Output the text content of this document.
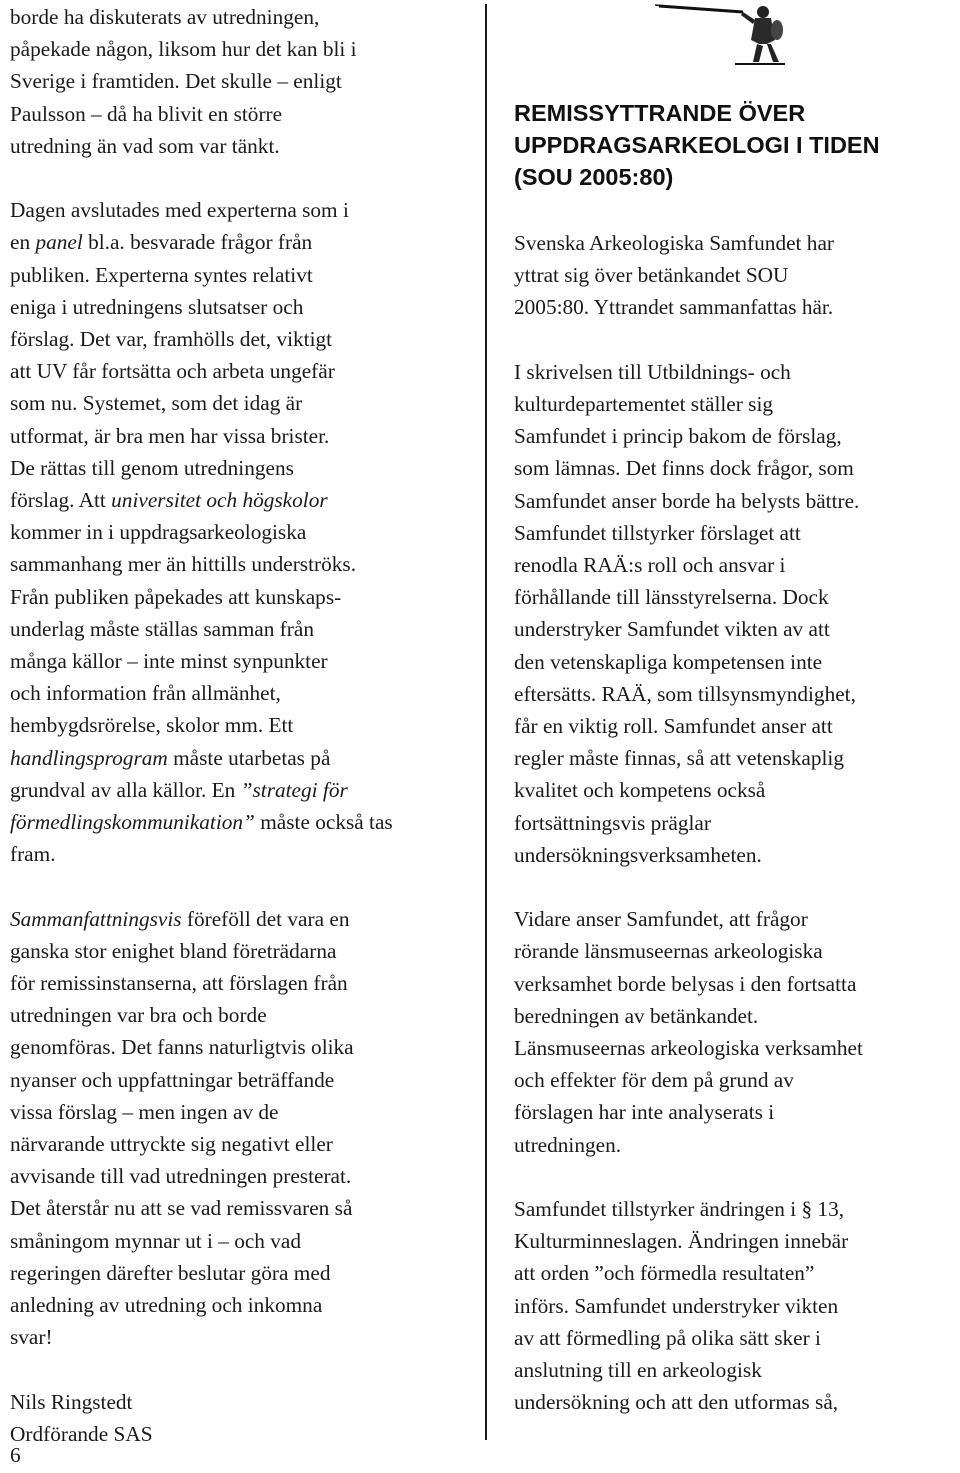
borde ha diskuterats av utredningen,

påpekade någon, liksom hur det kan bli i

Sverige i framtiden. Det skulle – enligt

Paulsson – då ha blivit en större

utredning än vad som var tänkt.

Dagen avslutades med experterna som i

en panel bl.a. besvarade frågor från

publiken. Experterna syntes relativt

eniga i utredningens slutsatser och

förslag. Det var, framhölls det, viktigt

att UV får fortsätta och arbeta ungefär

som nu. Systemet, som det idag är

utformat, är bra men har vissa brister.

De rättas till genom utredningens

förslag. Att universitet och högskolor

kommer in i uppdragsarkeologiska

sammanhang mer än hittills underströks.

Från publiken påpekades att kunskaps-

underlag måste ställas samman från

många källor – inte minst synpunkter

och information från allmänhet,

hembygdsrörelse, skolor mm. Ett

handlingsprogram måste utarbetas på

grundval av alla källor. En ”strategi för

förmedlingskommunikation” måste också tas

fram.

Sammanfattningsvis föreföll det vara en

ganska stor enighet bland företrädarna

för remissinstanserna, att förslagen från

utredningen var bra och borde

genomföras. Det fanns naturligtvis olika

nyanser och uppfattningar beträffande

vissa förslag – men ingen av de

närvarande uttryckte sig negativt eller

avvisande till vad utredningen presterat.

Det återstår nu att se vad remissvaren så

småningom mynnar ut i – och vad

regeringen därefter beslutar göra med

anledning av utredning och inkomna

svar!

Nils Ringstedt

Ordförande SAS

6
REMISSYTTRANDE ÖVER
UPPDRAGSARKEOLOGI I TIDEN
(SOU 2005:80)

Svenska Arkeologiska Samfundet har

yttrat sig över betänkandet SOU

2005:80. Yttrandet sammanfattas här.

I skrivelsen till Utbildnings- och

kulturdepartementet ställer sig

Samfundet i princip bakom de förslag,

som lämnas. Det finns dock frågor, som

Samfundet anser borde ha belysts bättre.

Samfundet tillstyrker förslaget att

renodla RAÄ:s roll och ansvar i

förhållande till länsstyrelserna. Dock

understryker Samfundet vikten av att

den vetenskapliga kompetensen inte

eftersätts. RAÄ, som tillsynsmyndighet,

får en viktig roll. Samfundet anser att

regler måste finnas, så att vetenskaplig

kvalitet och kompetens också

fortsättningsvis präglar

undersökningsverksamheten.

Vidare anser Samfundet, att frågor

rörande länsmuseernas arkeologiska

verksamhet borde belysas i den fortsatta

beredningen av betänkandet.

Länsmuseernas arkeologiska verksamhet

och effekter för dem på grund av

förslagen har inte analyserats i

utredningen.

Samfundet tillstyrker ändringen i § 13,

Kulturminneslagen. Ändringen innebär

att orden ”och förmedla resultaten”

införs. Samfundet understryker vikten

av att förmedling på olika sätt sker i

anslutning till en arkeologisk

undersökning och att den utformas så,
